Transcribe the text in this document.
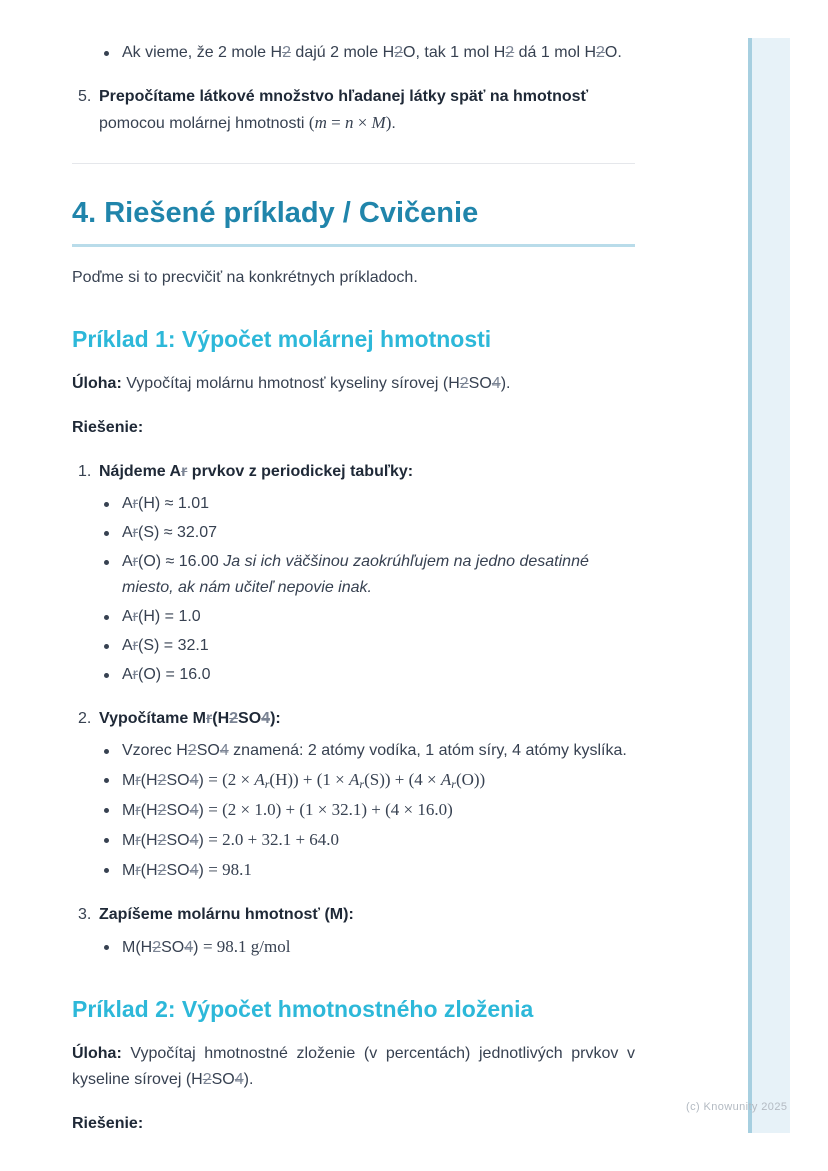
Ak vieme, že 2 mole H2 dajú 2 mole H2O, tak 1 mol H2 dá 1 mol H2O.
5. Prepočítame látkové množstvo hľadanej látky späť na hmotnosť pomocou molárnej hmotnosti (m = n × M).
4. Riešené príklady / Cvičenie

Poďme si to precvičiť na konkrétnych príkladoch.

Príklad 1: Výpočet molárnej hmotnosti

Úloha: Vypočítaj molárnu hmotnosť kyseliny sírovej (H2SO4).

Riešenie:

1. Nájdeme Ar prvkov z periodickej tabuľky:
Ar(H) ≈ 1.01
Ar(S) ≈ 32.07
Ar(O) ≈ 16.00 Ja si ich väčšinou zaokrúhľujem na jedno desatinné miesto, ak nám učiteľ nepovie inak.
Ar(H) = 1.0
Ar(S) = 32.1
Ar(O) = 16.0
2. Vypočítame Mr(H2SO4):
Vzorec H2SO4 znamená: 2 atómy vodíka, 1 atóm síry, 4 atómy kyslíka.
Mr(H2SO4) = (2 × Ar(H)) + (1 × Ar(S)) + (4 × Ar(O))
Mr(H2SO4) = (2 × 1.0) + (1 × 32.1) + (4 × 16.0)
Mr(H2SO4) = 2.0 + 32.1 + 64.0
Mr(H2SO4) = 98.1
3. Zapíšeme molárnu hmotnosť (M):
M(H2SO4) = 98.1 g/mol
Príklad 2: Výpočet hmotnostného zloženia

Úloha: Vypočítaj hmotnostné zloženie (v percentách) jednotlivých prvkov v kyseline sírovej (H2SO4).

Riešenie:

(c) Knowunity 2025
